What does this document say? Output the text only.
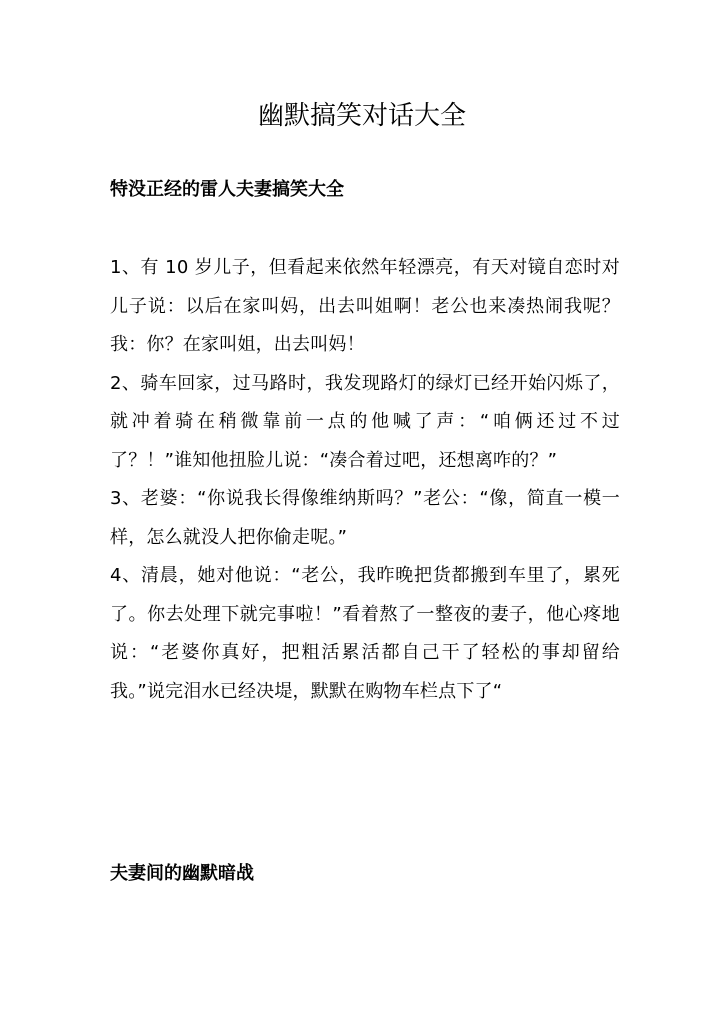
幽默搞笑对话大全
特没正经的雷人夫妻搞笑大全

1、有 10 岁儿子，但看起来依然年轻漂亮，有天对镜自恋时对儿子说：以后在家叫妈，出去叫姐啊！老公也来凑热闹我呢？我：你？在家叫姐，出去叫妈！

2、骑车回家，过马路时，我发现路灯的绿灯已经开始闪烁了，就冲着骑在稍微靠前一点的他喊了声：“咱俩还过不过了？！”谁知他扭脸儿说：“凑合着过吧，还想离咋的？”

3、老婆：“你说我长得像维纳斯吗？”老公：“像，简直一模一样，怎么就没人把你偷走呢。”

4、清晨，她对他说：“老公，我昨晚把货都搬到车里了，累死了。你去处理下就完事啦！”看着熬了一整夜的妻子，他心疼地说：“老婆你真好，把粗活累活都自己干了轻松的事却留给我。”说完泪水已经决堤，默默在购物车栏点下了“

夫妻间的幽默暗战
